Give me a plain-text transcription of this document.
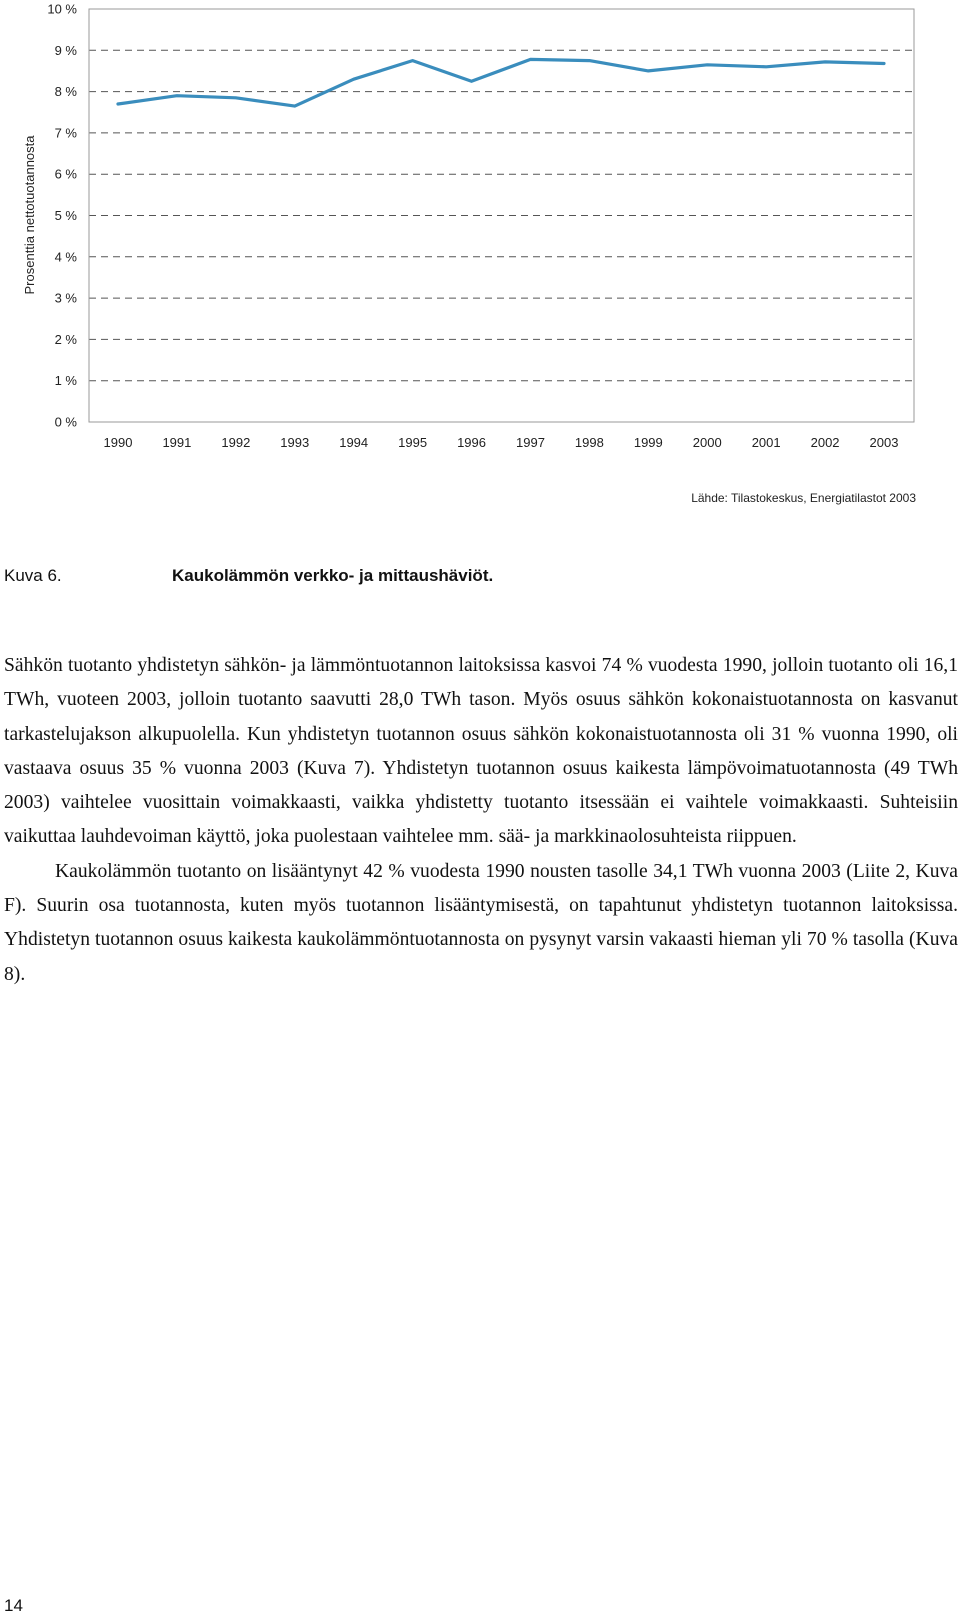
0 %
1 %
2 %
3 %
4 %
5 %
6 %
7 %
8 %
9 %
10 %
1990 1991 1992 1993 1994 1995 1996 1997 1998 1999 2000 2001 2002 2003
Prosenttia nettotuotannosta
Lähde: Tilastokeskus, Energiatilastot 2003
Kuva 6.	Kaukolämmön verkko- ja mittaushäviöt.

Sähkön tuotanto yhdistetyn sähkön- ja lämmöntuotannon laitoksissa kasvoi 74 % vuodesta 1990, jolloin tuotanto oli 16,1 TWh, vuoteen 2003, jolloin tuotanto saavutti 28,0 TWh tason. Myös osuus sähkön kokonaistuotannosta on kasvanut tarkastelujakson alkupuolella. Kun yhdistetyn tuotannon osuus sähkön kokonaistuotannosta oli 31 % vuonna 1990, oli vastaava osuus 35 % vuonna 2003 (Kuva 7). Yhdistetyn tuotannon osuus kaikesta lämpövoimatuotannosta (49 TWh 2003) vaihtelee vuosittain voimakkaasti, vaikka yhdistetty tuotanto itsessään ei vaihtele voimakkaasti. Suhteisiin vaikuttaa lauhdevoiman käyttö, joka puolestaan vaihtelee mm. sää- ja markkinaolosuhteista riippuen.

Kaukolämmön tuotanto on lisääntynyt 42 % vuodesta 1990 nousten tasolle 34,1 TWh vuonna 2003 (Liite 2, Kuva F). Suurin osa tuotannosta, kuten myös tuotannon lisääntymisestä, on tapahtunut yhdistetyn tuotannon laitoksissa. Yhdistetyn tuotannon osuus kaikesta kaukolämmöntuotannosta on pysynyt varsin vakaasti hieman yli 70 % tasolla (Kuva 8).

14
